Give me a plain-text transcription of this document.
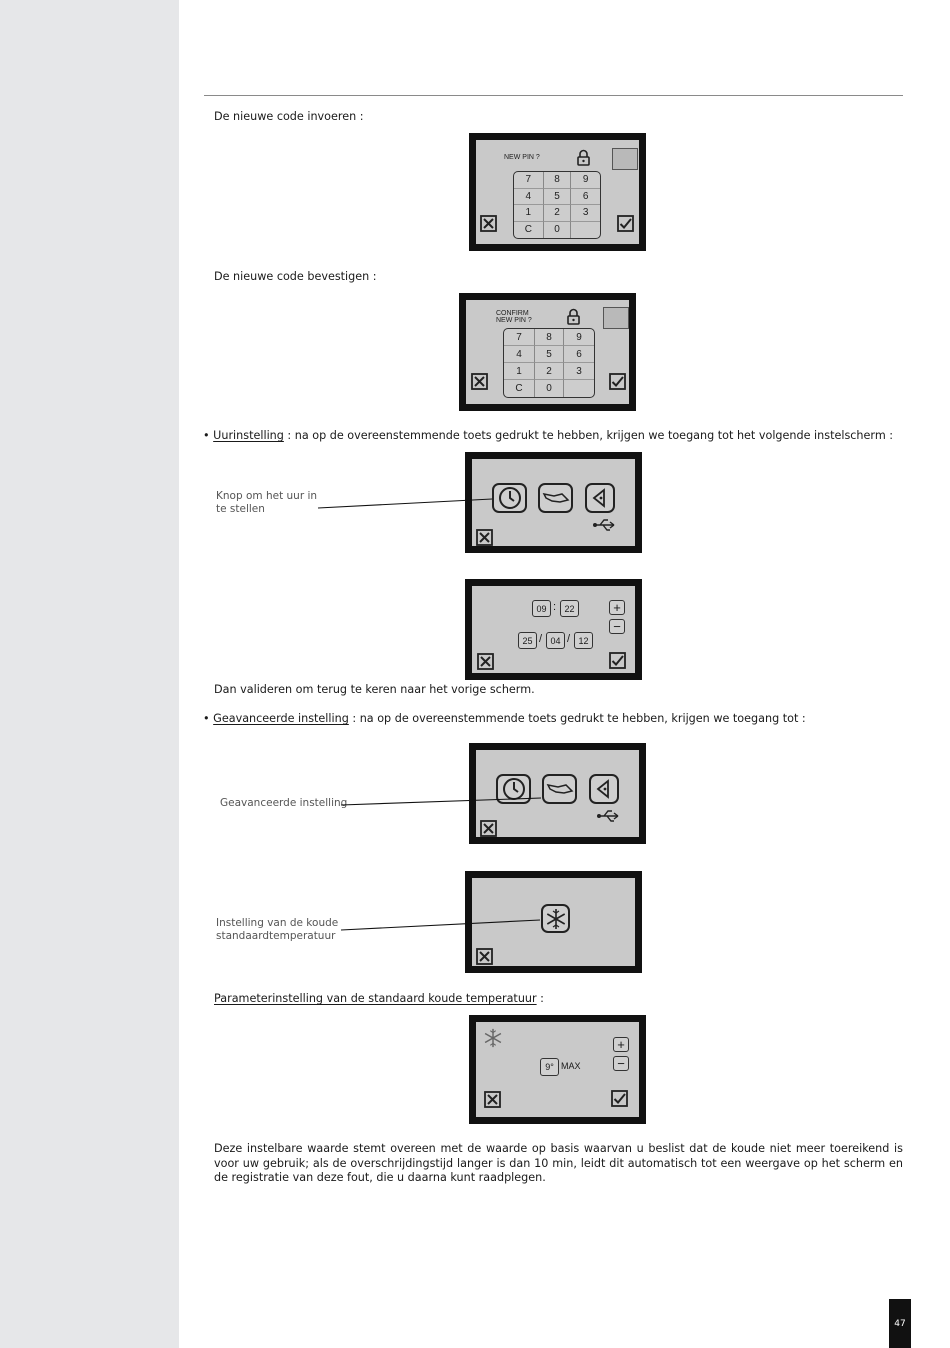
De nieuwe code invoeren :
NEW PIN ?
7	8	9
4	5	6
1	2	3
C	0
De nieuwe code bevestigen :
CONFIRM
NEW PIN ?
7	8	9
4	5	6
1	2	3
C	0
• Uurinstelling : na op de overeenstemmende toets gedrukt te hebben, krijgen we toegang tot het volgende instelscherm :
Knop om het uur in
te stellen
09 : 22
25 / 04 / 12
+
−
Dan valideren om terug te keren naar het vorige scherm.
• Geavanceerde instelling : na op de overeenstemmende toets gedrukt te hebben, krijgen we toegang tot :
Geavanceerde instelling
Instelling van de koude
standaardtemperatuur
Parameterinstelling van de standaard koude temperatuur :
9° MAX
+
−
Deze instelbare waarde stemt overeen met de waarde op basis waarvan u beslist dat de koude niet meer toereikend is voor uw gebruik; als de overschrijdingstijd langer is dan 10 min, leidt dit automatisch tot een weergave op het scherm en de registratie van deze fout, die u daarna kunt raadplegen.
47
